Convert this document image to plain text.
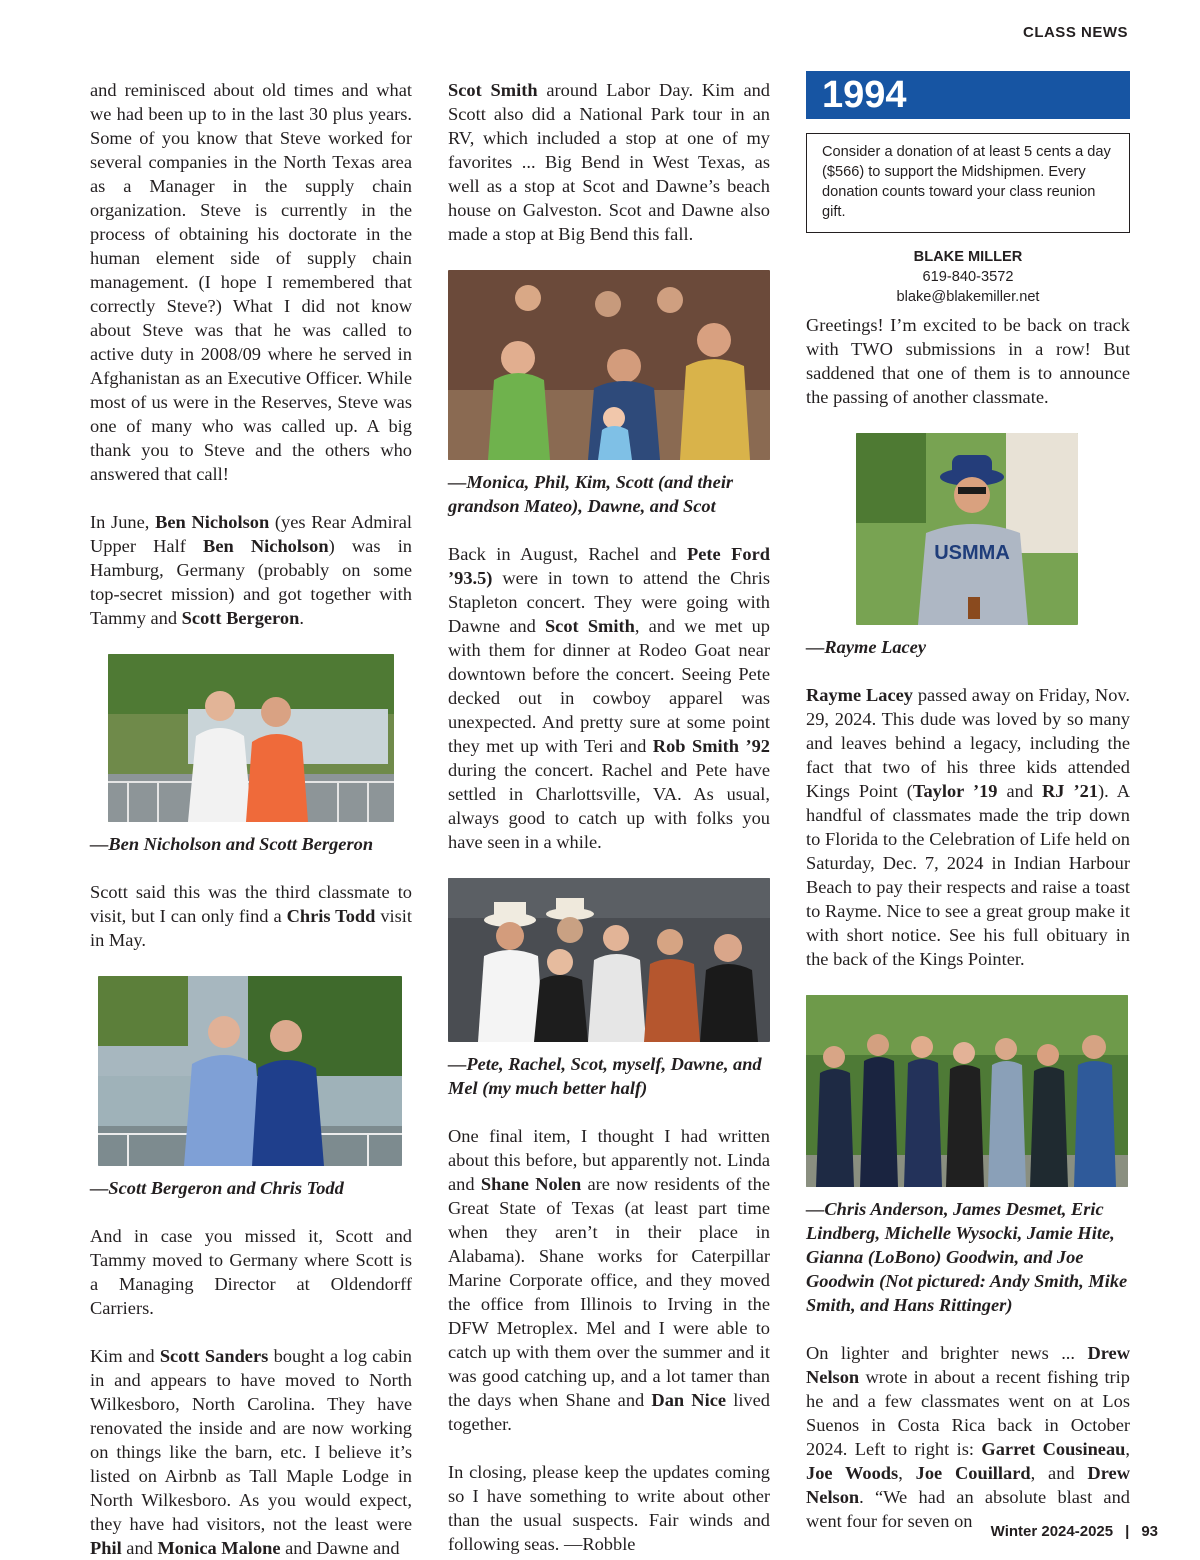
CLASS NEWS

and reminisced about old times and what we had been up to in the last 30 plus years. Some of you know that Steve worked for several companies in the North Texas area as a Manager in the supply chain organization. Steve is currently in the process of obtaining his doctorate in the human element side of supply chain management. (I hope I remembered that correctly Steve?) What I did not know about Steve was that he was called to active duty in 2008/09 where he served in Afghanistan as an Executive Officer. While most of us were in the Reserves, Steve was one of many who was called up. A big thank you to Steve and the others who answered that call!

In June, Ben Nicholson (yes Rear Admiral Upper Half Ben Nicholson) was in Hamburg, Germany (probably on some top-secret mission) and got together with Tammy and Scott Bergeron.

—Ben Nicholson and Scott Bergeron

Scott said this was the third classmate to visit, but I can only find a Chris Todd visit in May.

—Scott Bergeron and Chris Todd

And in case you missed it, Scott and Tammy moved to Germany where Scott is a Managing Director at Oldendorff Carriers.

Kim and Scott Sanders bought a log cabin in and appears to have moved to North Wilkesboro, North Carolina. They have renovated the inside and are now working on things like the barn, etc. I believe it’s listed on Airbnb as Tall Maple Lodge in North Wilkesboro. As you would expect, they have had visitors, not the least were Phil and Monica Malone and Dawne and

Scot Smith around Labor Day. Kim and Scott also did a National Park tour in an RV, which included a stop at one of my favorites ... Big Bend in West Texas, as well as a stop at Scot and Dawne’s beach house on Galveston. Scot and Dawne also made a stop at Big Bend this fall.

—Monica, Phil, Kim, Scott (and their grandson Mateo), Dawne, and Scot

Back in August, Rachel and Pete Ford ’93.5) were in town to attend the Chris Stapleton concert. They were going with Dawne and Scot Smith, and we met up with them for dinner at Rodeo Goat near downtown before the concert. Seeing Pete decked out in cowboy apparel was unexpected. And pretty sure at some point they met up with Teri and Rob Smith ’92 during the concert. Rachel and Pete have settled in Charlottsville, VA. As usual, always good to catch up with folks you have seen in a while.

—Pete, Rachel, Scot, myself, Dawne, and Mel (my much better half)

One final item, I thought I had written about this before, but apparently not. Linda and Shane Nolen are now residents of the Great State of Texas (at least part time when they aren’t in their place in Alabama). Shane works for Caterpillar Marine Corporate office, and they moved the office from Illinois to Irving in the DFW Metroplex. Mel and I were able to catch up with them over the summer and it was good catching up, and a lot tamer than the days when Shane and Dan Nice lived together.

In closing, please keep the updates coming so I have something to write about other than the usual suspects. Fair winds and following seas. —Robble

1994
Consider a donation of at least 5 cents a day ($566) to support the Midshipmen. Every donation counts toward your class reunion gift.
BLAKE MILLER
619-840-3572
blake@blakemiller.net

Greetings! I’m excited to be back on track with TWO submissions in a row! But saddened that one of them is to announce the passing of another classmate.

USMMA
—Rayme Lacey

Rayme Lacey passed away on Friday, Nov. 29, 2024. This dude was loved by so many and leaves behind a legacy, including the fact that two of his three kids attended Kings Point (Taylor ’19 and RJ ’21). A handful of classmates made the trip down to Florida to the Celebration of Life held on Saturday, Dec. 7, 2024 in Indian Harbour Beach to pay their respects and raise a toast to Rayme. Nice to see a great group make it with short notice. See his full obituary in the back of the Kings Pointer.

—Chris Anderson, James Desmet, Eric Lindberg, Michelle Wysocki, Jamie Hite, Gianna (LoBono) Goodwin, and Joe Goodwin (Not pictured: Andy Smith, Mike Smith, and Hans Rittinger)

On lighter and brighter news ... Drew Nelson wrote in about a recent fishing trip he and a few classmates went on at Los Suenos in Costa Rica back in October 2024. Left to right is: Garret Cousineau, Joe Woods, Joe Couillard, and Drew Nelson. “We had an absolute blast and went four for seven on

Winter 2024-2025 | 93
